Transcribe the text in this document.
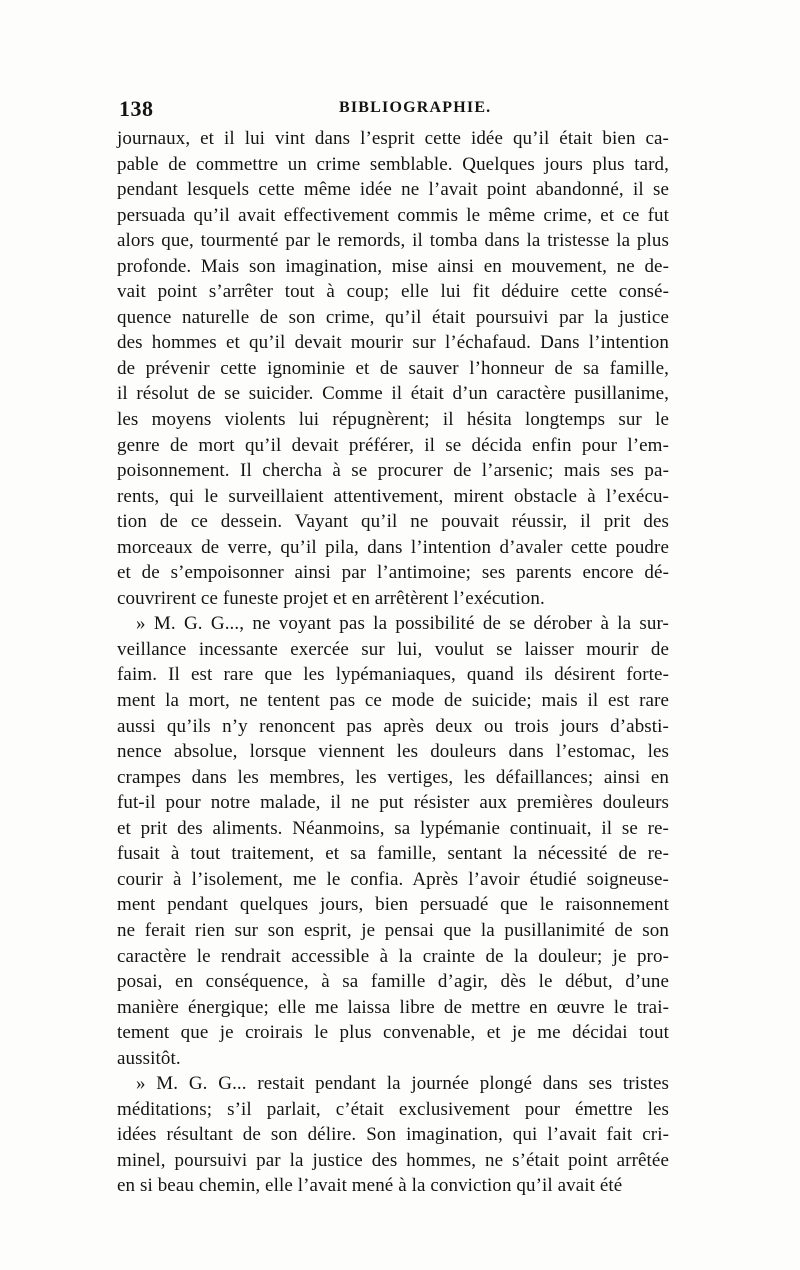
138	BIBLIOGRAPHIE.
journaux, et il lui vint dans l’esprit cette idée qu’il était bien ca-
pable de commettre un crime semblable. Quelques jours plus tard,
pendant lesquels cette même idée ne l’avait point abandonné, il se
persuada qu’il avait effectivement commis le même crime, et ce fut
alors que, tourmenté par le remords, il tomba dans la tristesse la plus
profonde. Mais son imagination, mise ainsi en mouvement, ne de-
vait point s’arrêter tout à coup; elle lui fit déduire cette consé-
quence naturelle de son crime, qu’il était poursuivi par la justice
des hommes et qu’il devait mourir sur l’échafaud. Dans l’intention
de prévenir cette ignominie et de sauver l’honneur de sa famille,
il résolut de se suicider. Comme il était d’un caractère pusillanime,
les moyens violents lui répugnèrent; il hésita longtemps sur le
genre de mort qu’il devait préférer, il se décida enfin pour l’em-
poisonnement. Il chercha à se procurer de l’arsenic; mais ses pa-
rents, qui le surveillaient attentivement, mirent obstacle à l’exécu-
tion de ce dessein. Vayant qu’il ne pouvait réussir, il prit des
morceaux de verre, qu’il pila, dans l’intention d’avaler cette poudre
et de s’empoisonner ainsi par l’antimoine; ses parents encore dé-
couvrirent ce funeste projet et en arrêtèrent l’exécution.
» M. G. G..., ne voyant pas la possibilité de se dérober à la sur-
veillance incessante exercée sur lui, voulut se laisser mourir de
faim. Il est rare que les lypémaniaques, quand ils désirent forte-
ment la mort, ne tentent pas ce mode de suicide; mais il est rare
aussi qu’ils n’y renoncent pas après deux ou trois jours d’absti-
nence absolue, lorsque viennent les douleurs dans l’estomac, les
crampes dans les membres, les vertiges, les défaillances; ainsi en
fut-il pour notre malade, il ne put résister aux premières douleurs
et prit des aliments. Néanmoins, sa lypémanie continuait, il se re-
fusait à tout traitement, et sa famille, sentant la nécessité de re-
courir à l’isolement, me le confia. Après l’avoir étudié soigneuse-
ment pendant quelques jours, bien persuadé que le raisonnement
ne ferait rien sur son esprit, je pensai que la pusillanimité de son
caractère le rendrait accessible à la crainte de la douleur; je pro-
posai, en conséquence, à sa famille d’agir, dès le début, d’une
manière énergique; elle me laissa libre de mettre en œuvre le trai-
tement que je croirais le plus convenable, et je me décidai tout
aussitôt.
» M. G. G... restait pendant la journée plongé dans ses tristes
méditations; s’il parlait, c’était exclusivement pour émettre les
idées résultant de son délire. Son imagination, qui l’avait fait cri-
minel, poursuivi par la justice des hommes, ne s’était point arrêtée
en si beau chemin, elle l’avait mené à la conviction qu’il avait été
